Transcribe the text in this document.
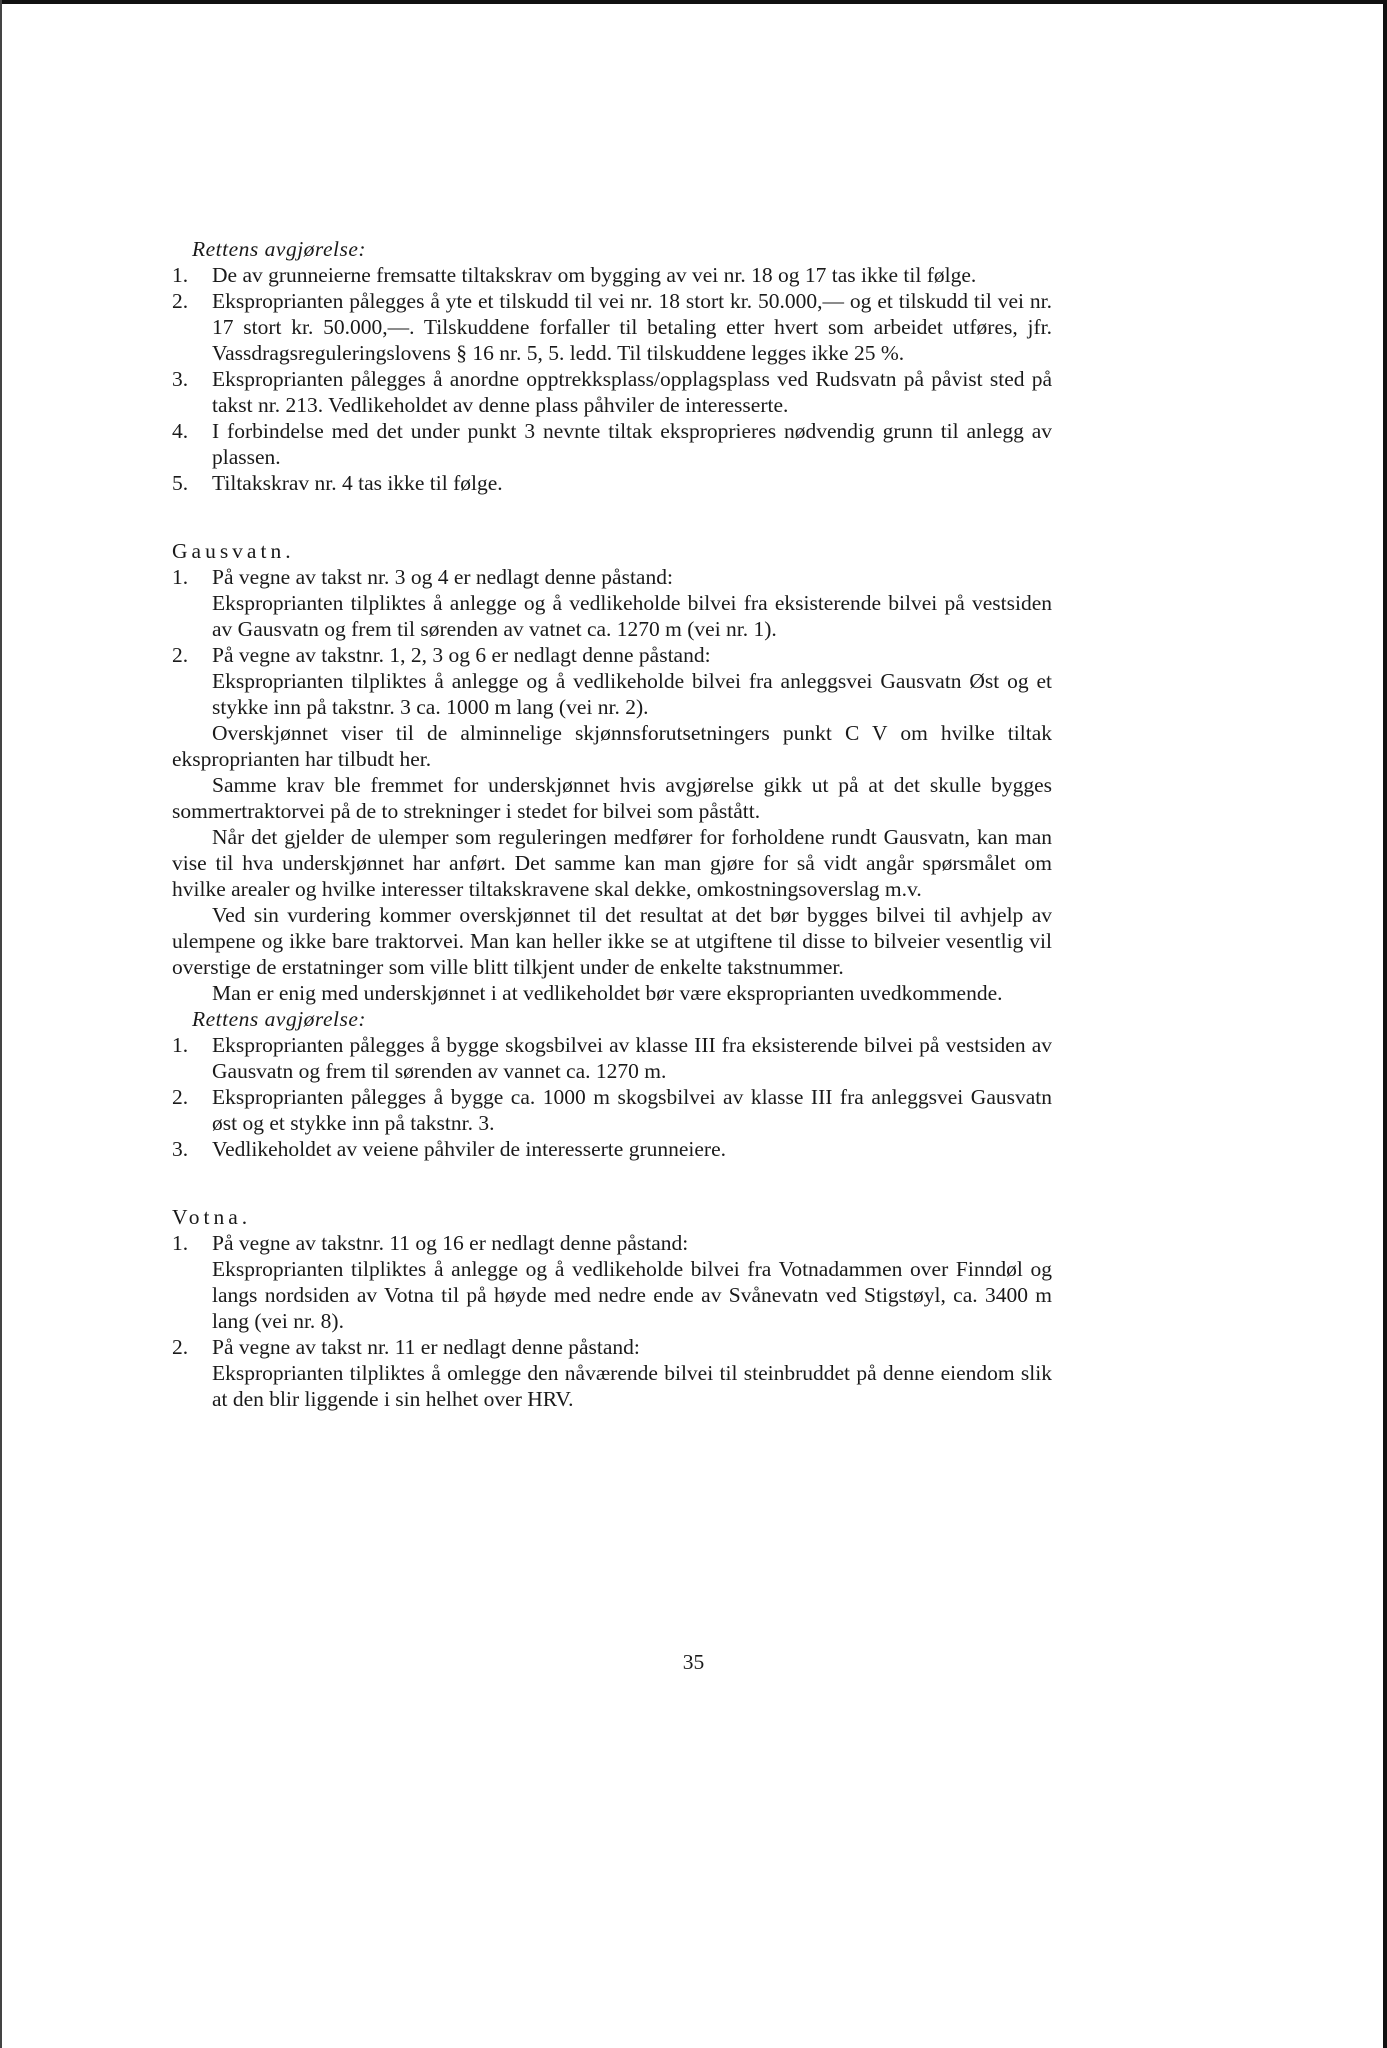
Rettens avgjørelse:
1.	De av grunneierne fremsatte tiltakskrav om bygging av vei nr. 18 og 17 tas ikke til følge.
2.	Eksproprianten pålegges å yte et tilskudd til vei nr. 18 stort kr. 50.000,— og et tilskudd til vei nr. 17 stort kr. 50.000,—. Tilskuddene forfaller til betaling etter hvert som arbeidet utføres, jfr. Vassdragsreguleringslovens § 16 nr. 5, 5. ledd. Til tilskuddene legges ikke 25 %.
3.	Eksproprianten pålegges å anordne opptrekksplass/opplagsplass ved Rudsvatn på påvist sted på takst nr. 213. Vedlikeholdet av denne plass påhviler de interesserte.
4.	I forbindelse med det under punkt 3 nevnte tiltak eksproprieres nødvendig grunn til anlegg av plassen.
5.	Tiltakskrav nr. 4 tas ikke til følge.
Gausvatn.
1.	På vegne av takst nr. 3 og 4 er nedlagt denne påstand:
Eksproprianten tilpliktes å anlegge og å vedlikeholde bilvei fra eksisterende bilvei på vestsiden av Gausvatn og frem til sørenden av vatnet ca. 1270 m (vei nr. 1).
2.	På vegne av takstnr. 1, 2, 3 og 6 er nedlagt denne påstand:
Eksproprianten tilpliktes å anlegge og å vedlikeholde bilvei fra anleggsvei Gausvatn Øst og et stykke inn på takstnr. 3 ca. 1000 m lang (vei nr. 2).
Overskjønnet viser til de alminnelige skjønnsforutsetningers punkt C V om hvilke tiltak eksproprianten har tilbudt her.
Samme krav ble fremmet for underskjønnet hvis avgjørelse gikk ut på at det skulle bygges sommertraktorvei på de to strekninger i stedet for bilvei som påstått.
Når det gjelder de ulemper som reguleringen medfører for forholdene rundt Gausvatn, kan man vise til hva underskjønnet har anført. Det samme kan man gjøre for så vidt angår spørsmålet om hvilke arealer og hvilke interesser tiltakskravene skal dekke, omkostningsoverslag m.v.
Ved sin vurdering kommer overskjønnet til det resultat at det bør bygges bilvei til avhjelp av ulempene og ikke bare traktorvei. Man kan heller ikke se at utgiftene til disse to bilveier vesentlig vil overstige de erstatninger som ville blitt tilkjent under de enkelte takstnummer.
Man er enig med underskjønnet i at vedlikeholdet bør være eksproprianten uvedkommende.
Rettens avgjørelse:
1.	Eksproprianten pålegges å bygge skogsbilvei av klasse III fra eksisterende bilvei på vestsiden av Gausvatn og frem til sørenden av vannet ca. 1270 m.
2.	Eksproprianten pålegges å bygge ca. 1000 m skogsbilvei av klasse III fra anleggsvei Gausvatn øst og et stykke inn på takstnr. 3.
3.	Vedlikeholdet av veiene påhviler de interesserte grunneiere.
Votna.
1.	På vegne av takstnr. 11 og 16 er nedlagt denne påstand:
Eksproprianten tilpliktes å anlegge og å vedlikeholde bilvei fra Votnadammen over Finndøl og langs nordsiden av Votna til på høyde med nedre ende av Svånevatn ved Stigstøyl, ca. 3400 m lang (vei nr. 8).
2.	På vegne av takst nr. 11 er nedlagt denne påstand:
Eksproprianten tilpliktes å omlegge den nåværende bilvei til steinbruddet på denne eiendom slik at den blir liggende i sin helhet over HRV.
35
